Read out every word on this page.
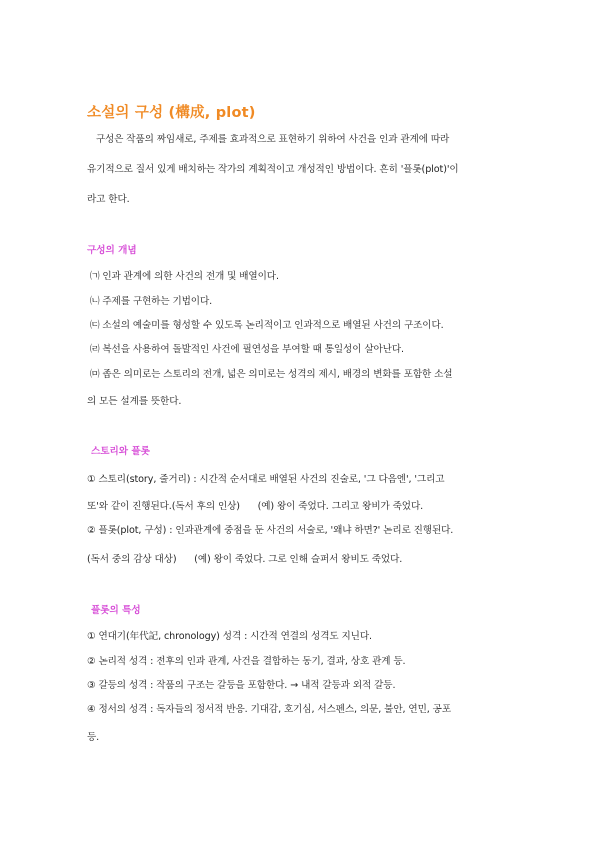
소설의 구성 (構成, plot)
구성은 작품의 짜임새로, 주제를 효과적으로 표현하기 위하여 사건을 인과 관계에 따라
유기적으로 질서 있게 배치하는 작가의 계획적이고 개성적인 방법이다. 흔히 '플롯(plot)'이
라고 한다.
구성의 개념
㈀ 인과 관계에 의한 사건의 전개 및 배열이다.
㈁ 주제를 구현하는 기법이다.
㈂ 소설의 예술미를 형성할 수 있도록 논리적이고 인과적으로 배열된 사건의 구조이다.
㈃ 복선을 사용하여 돌발적인 사건에 필연성을 부여할 때 통일성이 살아난다.
㈄ 좁은 의미로는 스토리의 전개, 넓은 의미로는 성격의 제시, 배경의 변화를 포함한 소설
의 모든 설계를 뜻한다.
스토리와 플롯
① 스토리(story, 줄거리) : 시간적 순서대로 배열된 사건의 진술로, '그 다음엔', '그리고
또'와 같이 진행된다.(독서 후의 인상)      (예) 왕이 죽었다. 그리고 왕비가 죽었다.
② 플롯(plot, 구성) : 인과관계에 중점을 둔 사건의 서술로, '왜냐 하면?' 논리로 진행된다.
(독서 중의 감상 대상)      (예) 왕이 죽었다. 그로 인해 슬퍼서 왕비도 죽었다.
플롯의 특성
① 연대기(年代記, chronology) 성격 : 시간적 연결의 성격도 지닌다.
② 논리적 성격 : 전후의 인과 관계, 사건을 결합하는 동기, 결과, 상호 관계 등.
③ 갈등의 성격 : 작품의 구조는 갈등을 포함한다. → 내적 갈등과 외적 갈등.
④ 정서의 성격 : 독자들의 정서적 반응. 기대감, 호기심, 서스펜스, 의문, 불안, 연민, 공포
등.
